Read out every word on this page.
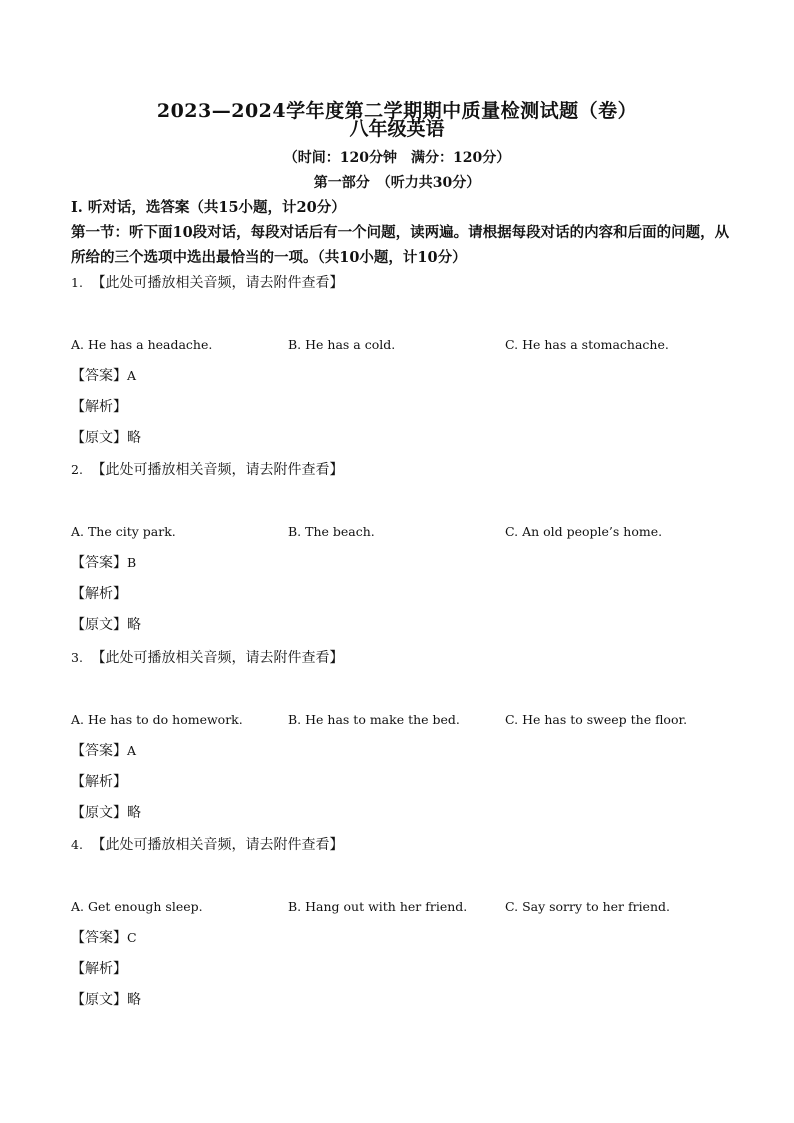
2023—2024学年度第二学期期中质量检测试题（卷）
八年级英语
（时间：120分钟　满分：120分）
第一部分　（听力共30分）
Ⅰ. 听对话，选答案（共15小题，计20分）
第一节：听下面10段对话，每段对话后有一个问题，读两遍。请根据每段对话的内容和后面的问题，从所给的三个选项中选出最恰当的一项。（共10小题，计10分）
1. 【此处可播放相关音频，请去附件查看】
A. He has a headache.	B. He has a cold.	C. He has a stomachache.
【答案】A
【解析】
【原文】略
2. 【此处可播放相关音频，请去附件查看】
A. The city park.	B. The beach.	C. An old people’s home.
【答案】B
【解析】
【原文】略
3. 【此处可播放相关音频，请去附件查看】
A. He has to do homework.	B. He has to make the bed.	C. He has to sweep the floor.
【答案】A
【解析】
【原文】略
4. 【此处可播放相关音频，请去附件查看】
A. Get enough sleep.	B. Hang out with her friend.	C. Say sorry to her friend.
【答案】C
【解析】
【原文】略
